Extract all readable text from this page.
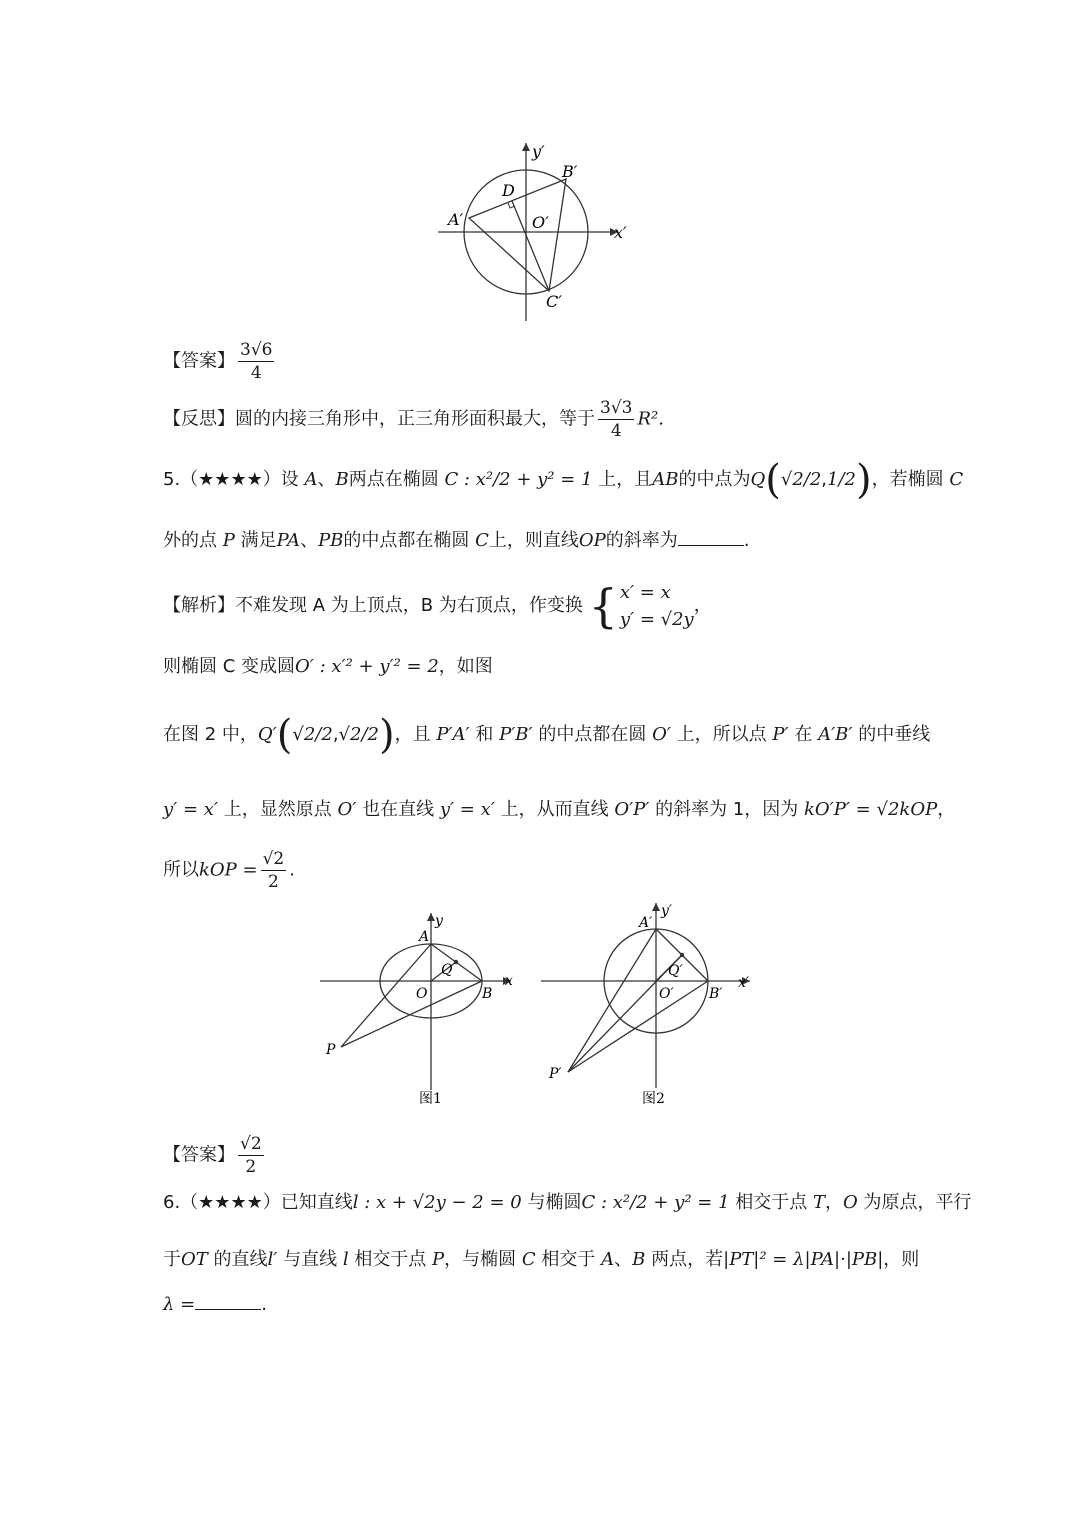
y′
x′
B′
D
A′	O′
C′
【答案】 $\frac{3√6}{4}$
【反思】圆的内接三角形中，正三角形面积最大，等于 $\frac{3√3}{4} R^2$.
5.（★★★★）设 A、B两点在椭圆 C : x²/2 + y² = 1 上，且AB的中点为Q(√2/2,1/2)，若椭圆 C
外的点 P 满足PA、PB的中点都在椭圆 C上，则直线OP的斜率为	.
【解析】不难发现 A 为上顶点，B 为右顶点，作变换 { x′ = x
y′ = √2y
，
则椭圆 C 变成圆O′ : x′² + y′² = 2，如图
在图 2 中，Q′(√2/2,√2/2)，且 P′A′ 和 P′B′ 的中点都在圆 O′ 上，所以点 P′ 在 A′B′ 的中垂线
y′ = x′ 上，显然原点 O′ 也在直线 y′ = x′ 上，从而直线 O′P′ 的斜率为 1，因为 kO′P′ = √2kOP，
所以kOP = $\frac{√2}{2}$ .
y
x
A
Q
O	B
P
图1
y′
x′
A′
Q′
O′	B′
P′
图2
【答案】 $\frac{√2}{2}$
6.（★★★★）已知直线l : x + √2y − 2 = 0 与椭圆C : x²/2 + y² = 1 相交于点 T，O 为原点，平行
于OT 的直线l′ 与直线 l 相交于点 P，与椭圆 C 相交于 A、B 两点，若|PT|² = λ|PA|·|PB|，则
λ =	.
